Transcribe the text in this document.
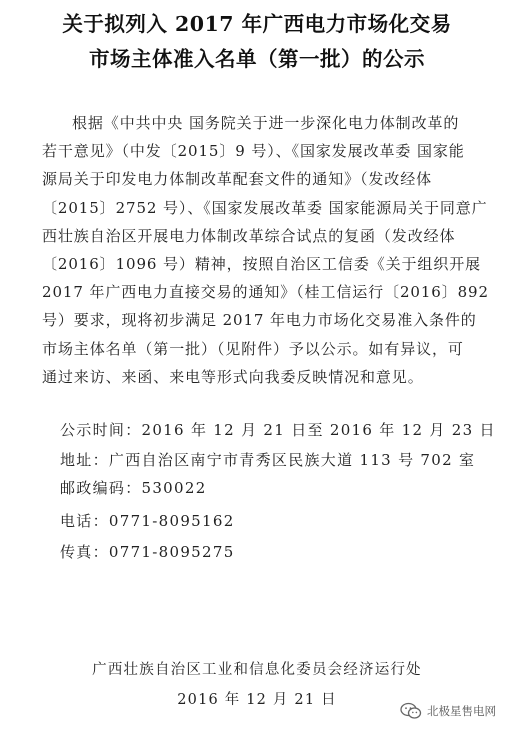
关于拟列入 2017 年广西电力市场化交易
市场主体准入名单（第一批）的公示
根据《中共中央 国务院关于进一步深化电力体制改革的
若干意见》（中发〔2015〕9 号）、《国家发展改革委 国家能
源局关于印发电力体制改革配套文件的通知》（发改经体
〔2015〕2752 号）、《国家发展改革委 国家能源局关于同意广
西壮族自治区开展电力体制改革综合试点的复函（发改经体
〔2016〕1096 号）精神，按照自治区工信委《关于组织开展
2017 年广西电力直接交易的通知》（桂工信运行〔2016〕892
号）要求，现将初步满足 2017 年电力市场化交易准入条件的
市场主体名单（第一批）（见附件）予以公示。如有异议，可
通过来访、来函、来电等形式向我委反映情况和意见。
公示时间：2016 年 12 月 21 日至 2016 年 12 月 23 日
地址：广西自治区南宁市青秀区民族大道 113 号 702 室
邮政编码：530022
电话：0771-8095162
传真：0771-8095275
广西壮族自治区工业和信息化委员会经济运行处
2016 年 12 月 21 日
北极星售电网
